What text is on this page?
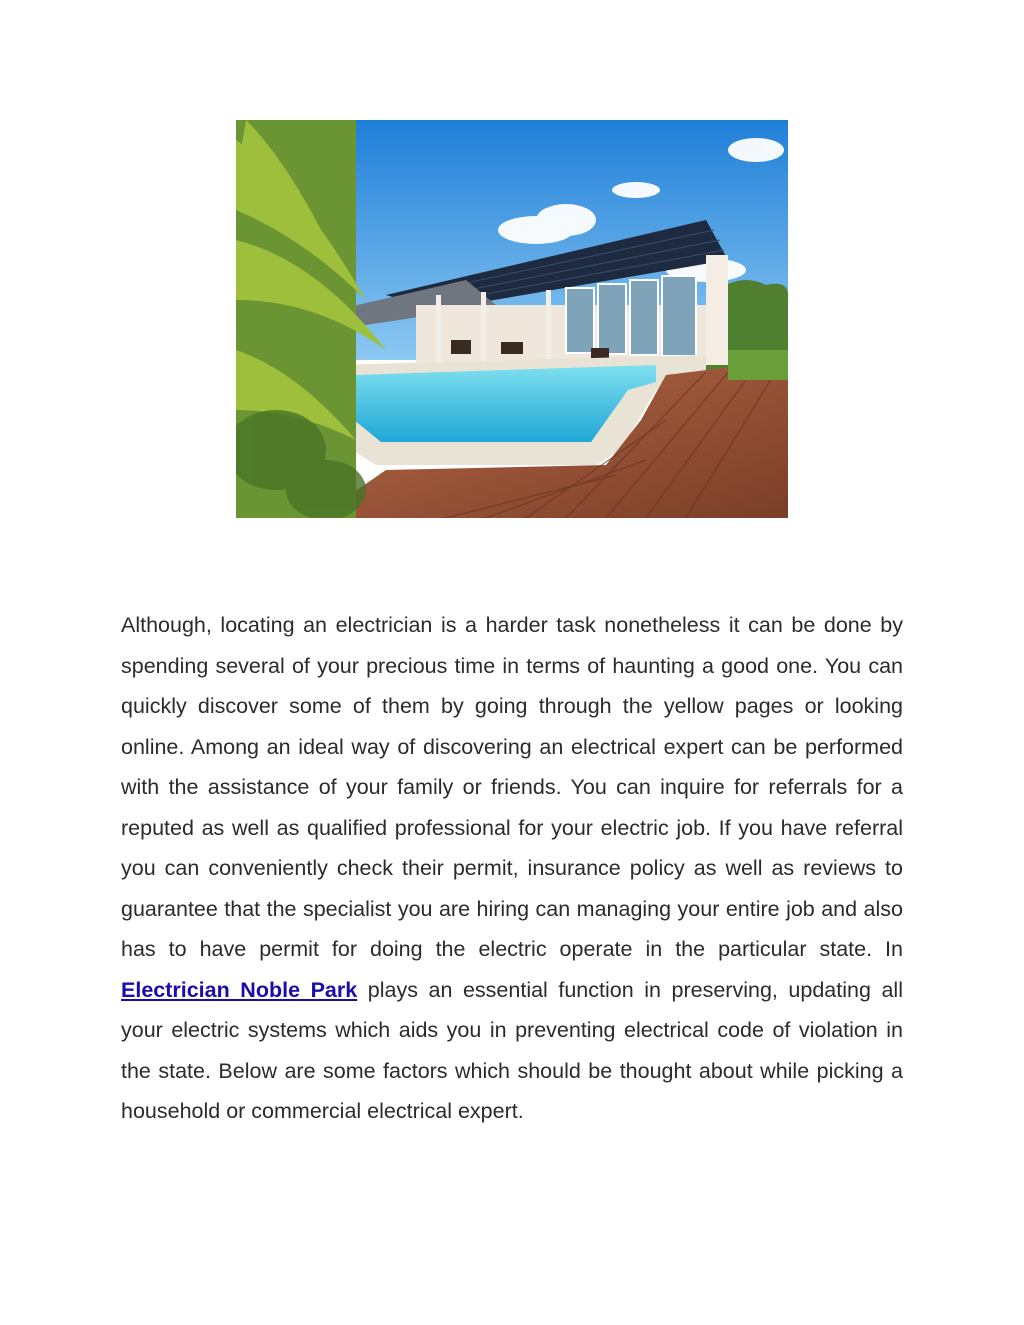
Although, locating an electrician is a harder task nonetheless it can be done by spending several of your precious time in terms of haunting a good one. You can quickly discover some of them by going through the yellow pages or looking online. Among an ideal way of discovering an electrical expert can be performed with the assistance of your family or friends. You can inquire for referrals for a reputed as well as qualified professional for your electric job. If you have referral you can conveniently check their permit, insurance policy as well as reviews to guarantee that the specialist you are hiring can managing your entire job and also has to have permit for doing the electric operate in the particular state. In Electrician Noble Park plays an essential function in preserving, updating all your electric systems which aids you in preventing electrical code of violation in the state. Below are some factors which should be thought about while picking a household or commercial electrical expert.
